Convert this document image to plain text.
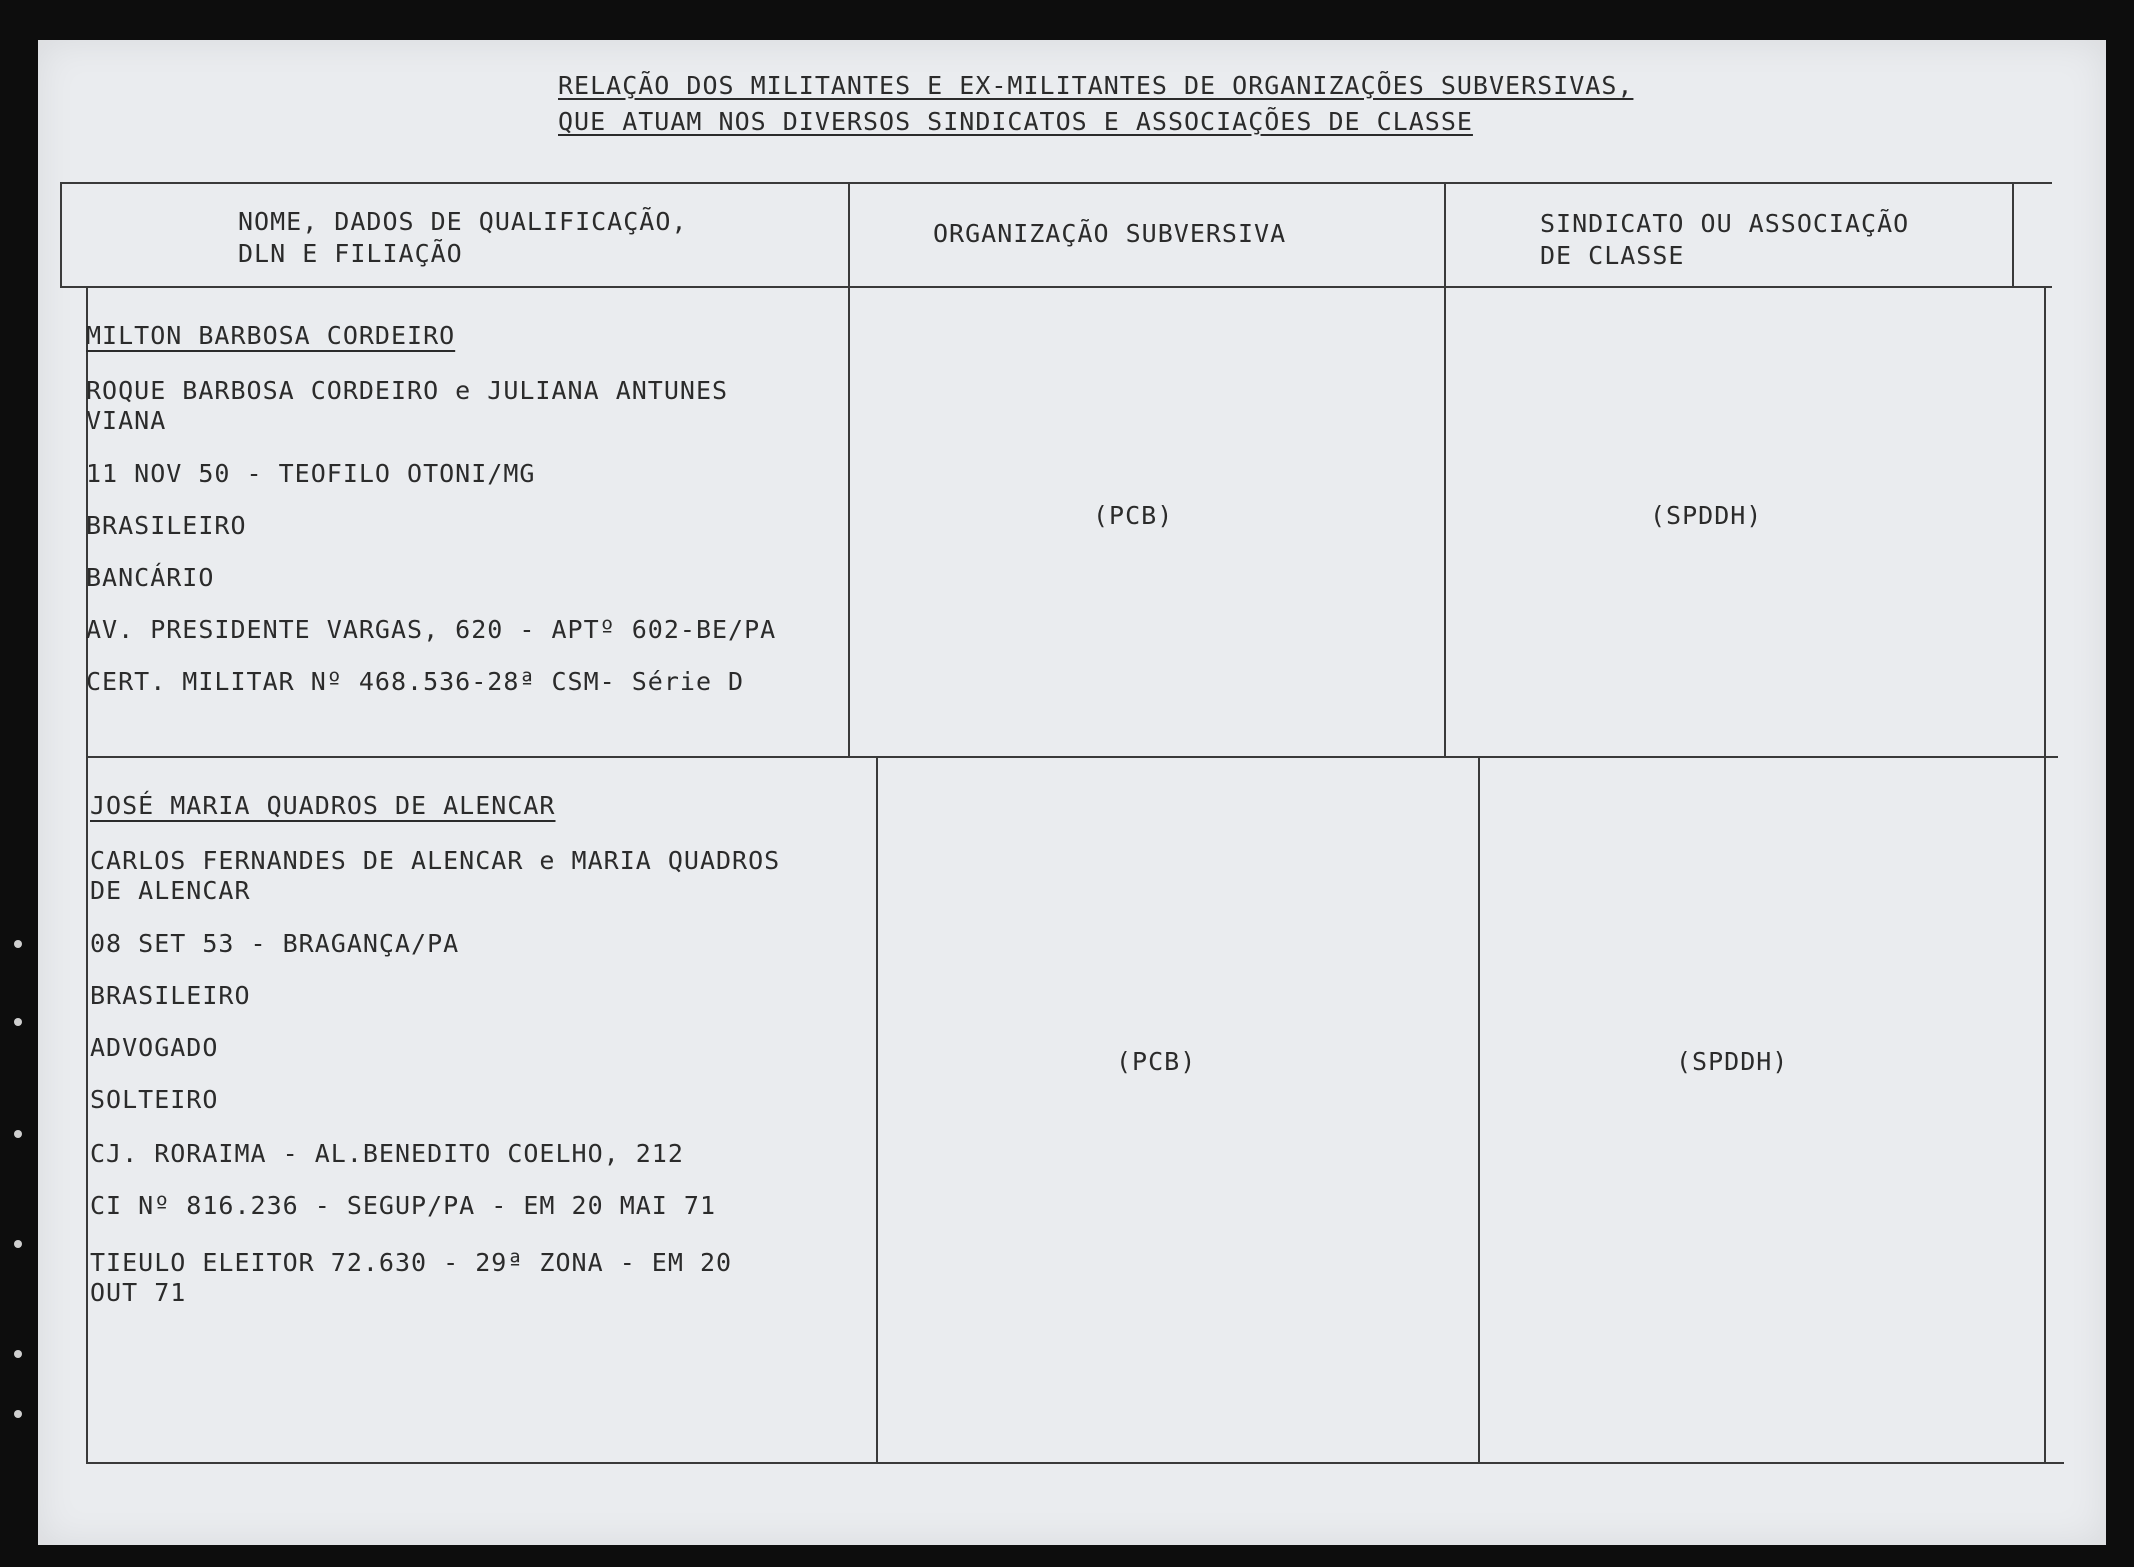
RELAÇÃO DOS MILITANTES E EX-MILITANTES DE ORGANIZAÇÕES SUBVERSIVAS,
QUE ATUAM NOS DIVERSOS SINDICATOS E ASSOCIAÇÕES DE CLASSE
NOME, DADOS DE QUALIFICAÇÃO,
DLN E FILIAÇÃO
ORGANIZAÇÃO SUBVERSIVA	SINDICATO OU ASSOCIAÇÃO
DE CLASSE
MILTON BARBOSA CORDEIRO
ROQUE BARBOSA CORDEIRO e JULIANA ANTUNES
VIANA
11 NOV 50 - TEOFILO OTONI/MG
BRASILEIRO
BANCÁRIO
AV. PRESIDENTE VARGAS, 620 - APTº 602-BE/PA
CERT. MILITAR Nº 468.536-28ª CSM- Série D
(PCB)	(SPDDH)
JOSÉ MARIA QUADROS DE ALENCAR
CARLOS FERNANDES DE ALENCAR e MARIA QUADROS
DE ALENCAR
08 SET 53 - BRAGANÇA/PA
BRASILEIRO
ADVOGADO
SOLTEIRO
CJ. RORAIMA - AL.BENEDITO COELHO, 212
CI Nº 816.236 - SEGUP/PA - EM 20 MAI 71
TIEULO ELEITOR 72.630 - 29ª ZONA - EM 20
OUT 71
(PCB)	(SPDDH)
